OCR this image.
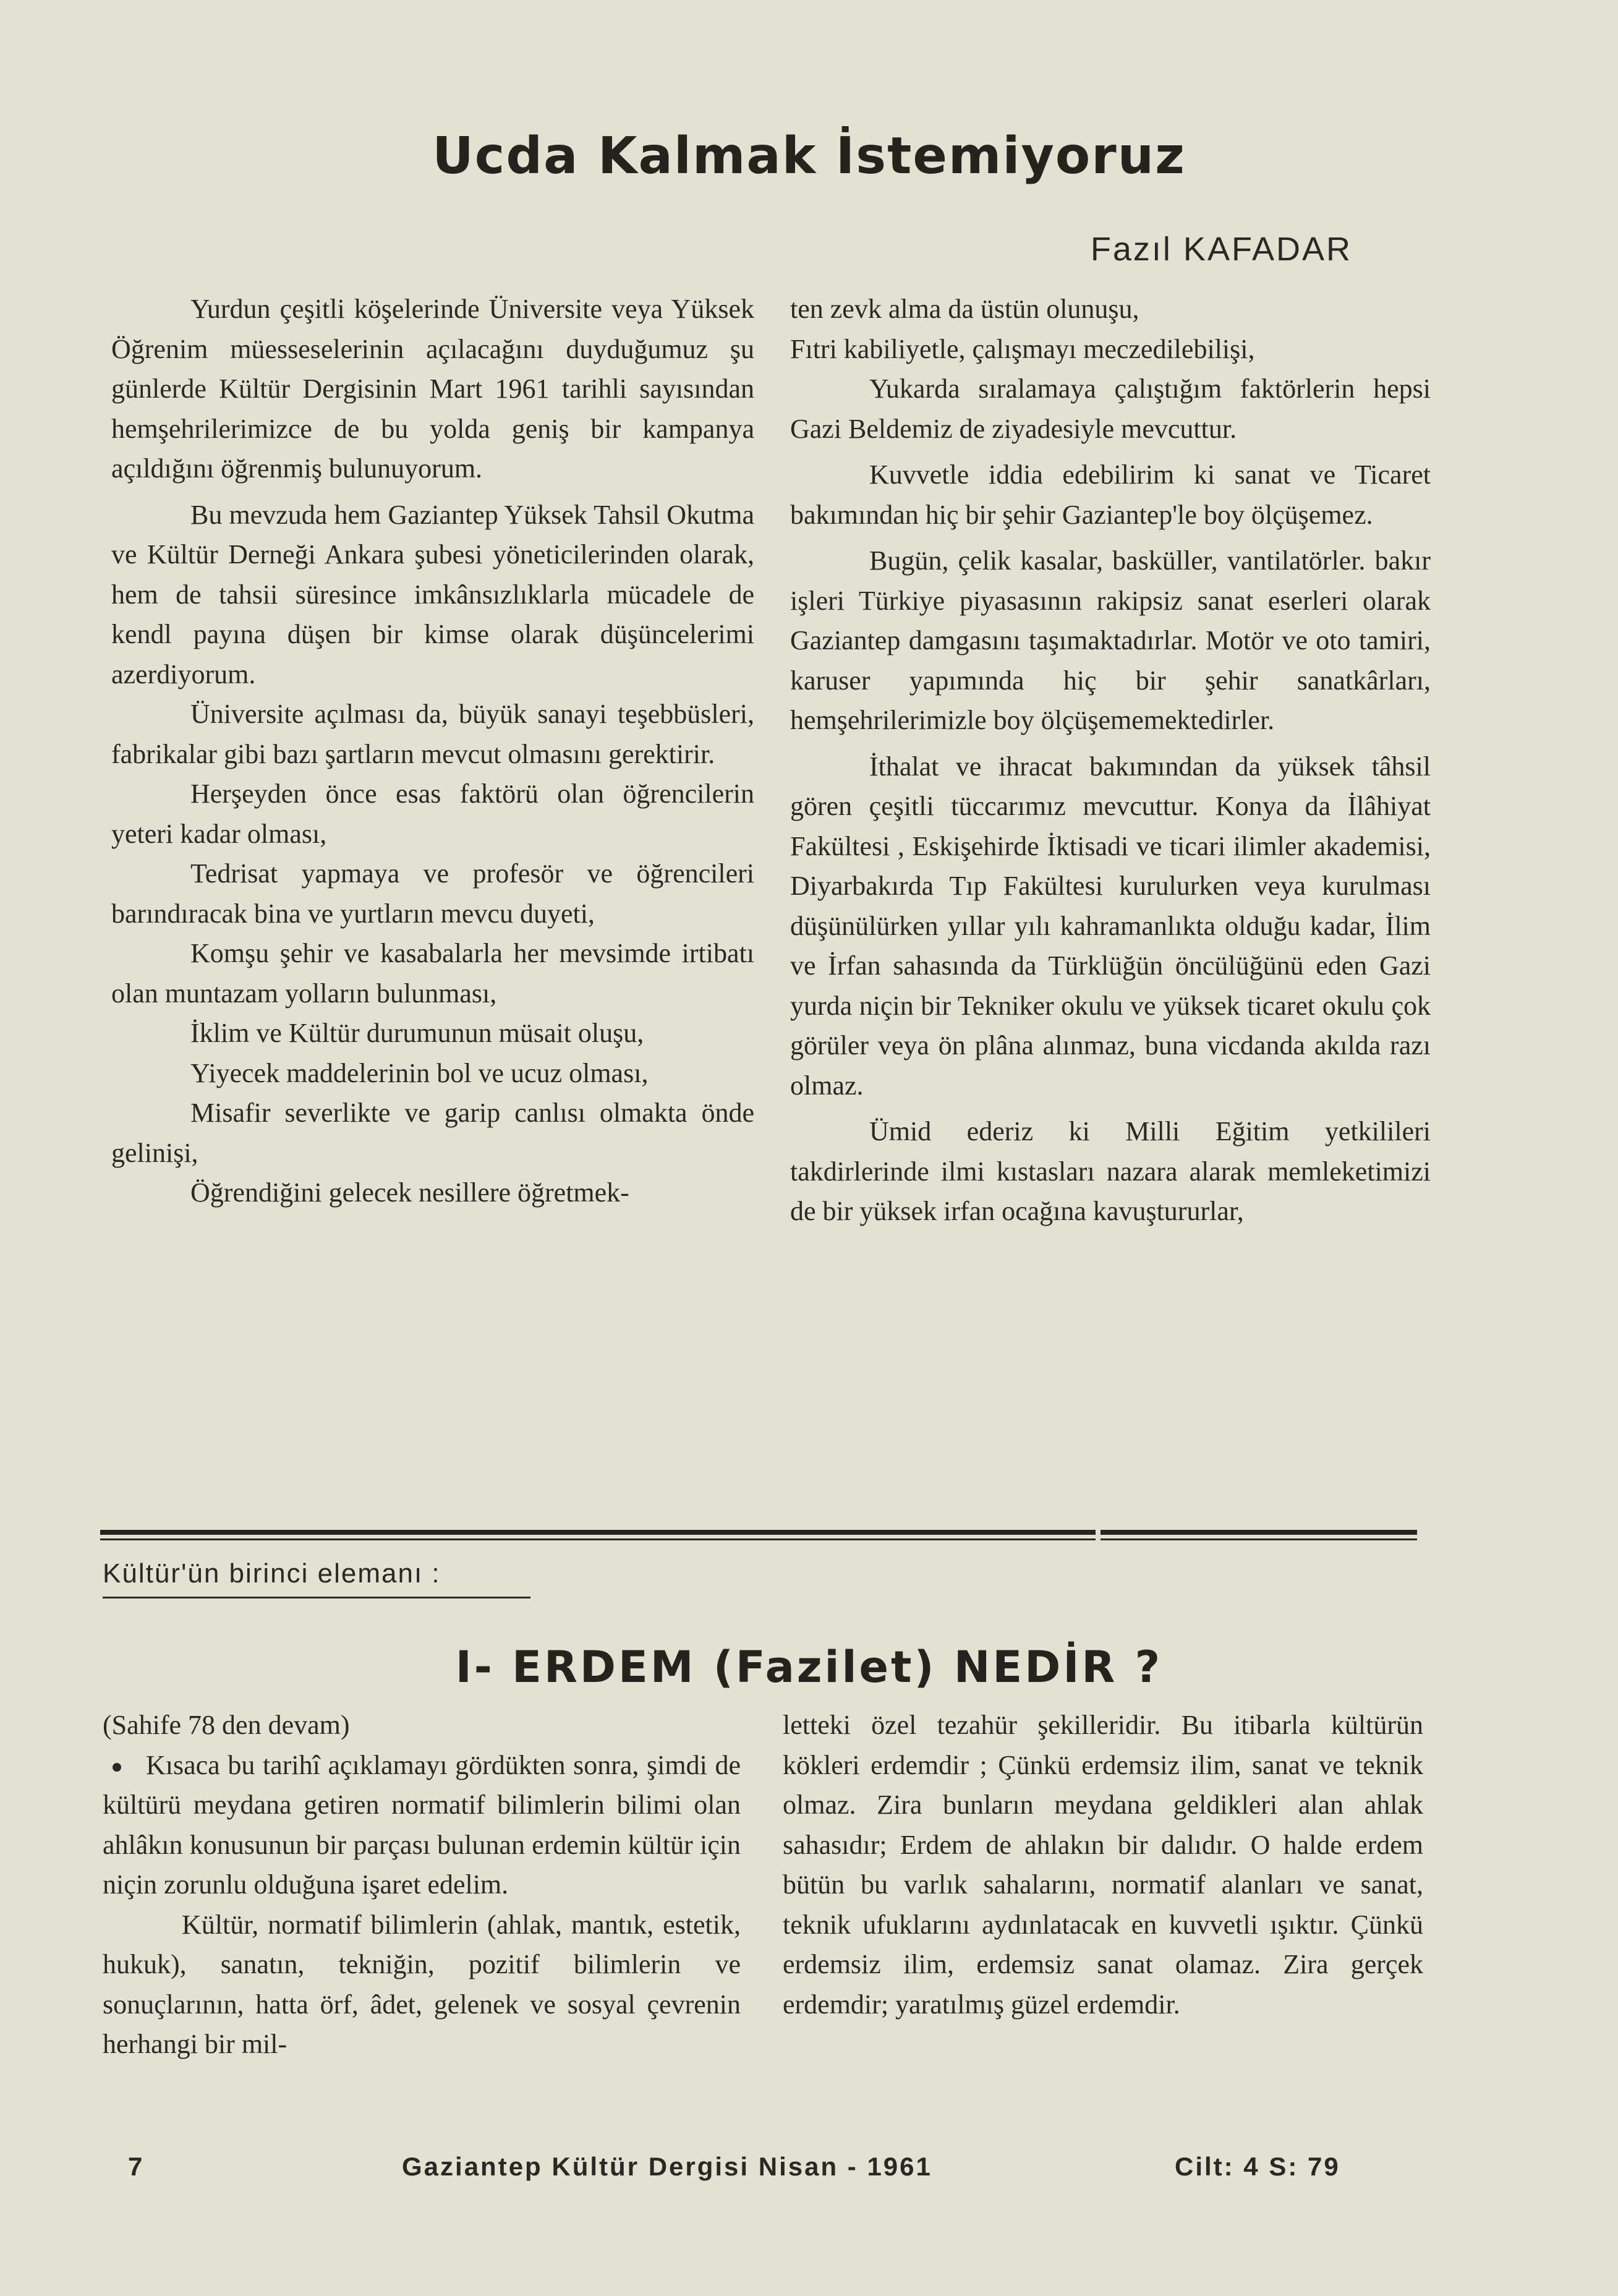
Ucda Kalmak İstemiyoruz
Fazıl KAFADAR

Yurdun çeşitli köşelerinde Üniversite veya Yüksek Öğrenim müesseselerinin açılacağını duyduğumuz şu günlerde Kültür Dergisinin Mart 1961 tarihli sayısından hemşehrilerimizce de bu yolda geniş bir kampanya açıldığını öğrenmiş bulunuyorum.

Bu mevzuda hem Gaziantep Yüksek Tahsil Okutma ve Kültür Derneği Ankara şubesi yöneticilerinden olarak, hem de tahsii süresince imkânsızlıklarla mücadele de kendl payına düşen bir kimse olarak düşüncelerimi azerdiyorum.

Üniversite açılması da, büyük sanayi teşebbüsleri, fabrikalar gibi bazı şartların mevcut olmasını gerektirir.

Herşeyden önce esas faktörü olan öğrencilerin yeteri kadar olması,

Tedrisat yapmaya ve profesör ve öğrencileri barındıracak bina ve yurtların mevcu duyeti,

Komşu şehir ve kasabalarla her mevsimde irtibatı olan muntazam yolların bulunması,

İklim ve Kültür durumunun müsait oluşu,

Yiyecek maddelerinin bol ve ucuz olması,

Misafir severlikte ve garip canlısı olmakta önde gelinişi,

Öğrendiğini gelecek nesillere öğretmek-

ten zevk alma da üstün olunuşu,

Fıtri kabiliyetle, çalışmayı meczedilebilişi,

Yukarda sıralamaya çalıştığım faktörlerin hepsi Gazi Beldemiz de ziyadesiyle mevcuttur.

Kuvvetle iddia edebilirim ki sanat ve Ticaret bakımından hiç bir şehir Gaziantep'le boy ölçüşemez.

Bugün, çelik kasalar, basküller, vantilatörler. bakır işleri Türkiye piyasasının rakipsiz sanat eserleri olarak Gaziantep damgasını taşımaktadırlar. Motör ve oto tamiri, karuser yapımında hiç bir şehir sanatkârları, hemşehrilerimizle boy ölçüşememektedirler.

İthalat ve ihracat bakımından da yüksek tâhsil gören çeşitli tüccarımız mevcuttur. Konya da İlâhiyat Fakültesi , Eskişehirde İktisadi ve ticari ilimler akademisi, Diyarbakırda Tıp Fakültesi kurulurken veya kurulması düşünülürken yıllar yılı kahramanlıkta olduğu kadar, İlim ve İrfan sahasında da Türklüğün öncülüğünü eden Gazi yurda niçin bir Tekniker okulu ve yüksek ticaret okulu çok görüler veya ön plâna alınmaz, buna vicdanda akılda razı olmaz.

Ümid ederiz ki Milli Eğitim yetkilileri takdirlerinde ilmi kıstasları nazara alarak memleketimizi de bir yüksek irfan ocağına kavuştururlar,

Kültür'ün birinci elemanı :
I- ERDEM (Fazilet) NEDİR ?

(Sahife 78 den devam)

Kısaca bu tarihî açıklamayı gördükten sonra, şimdi de kültürü meydana getiren normatif bilimlerin bilimi olan ahlâkın konusunun bir parçası bulunan erdemin kültür için niçin zorunlu olduğuna işaret edelim.

Kültür, normatif bilimlerin (ahlak, mantık, estetik, hukuk), sanatın, tekniğin, pozitif bilimlerin ve sonuçlarının, hatta örf, âdet, gelenek ve sosyal çevrenin herhangi bir mil-

letteki özel tezahür şekilleridir. Bu itibarla kültürün kökleri erdemdir ; Çünkü erdemsiz ilim, sanat ve teknik olmaz. Zira bunların meydana geldikleri alan ahlak sahasıdır; Erdem de ahlakın bir dalıdır. O halde erdem bütün bu varlık sahalarını, normatif alanları ve sanat, teknik ufuklarını aydınlatacak en kuvvetli ışıktır. Çünkü erdemsiz ilim, erdemsiz sanat olamaz. Zira gerçek erdemdir; yaratılmış güzel erdemdir.

7	Gaziantep Kültür Dergisi Nisan - 1961	Cilt: 4 S: 79
